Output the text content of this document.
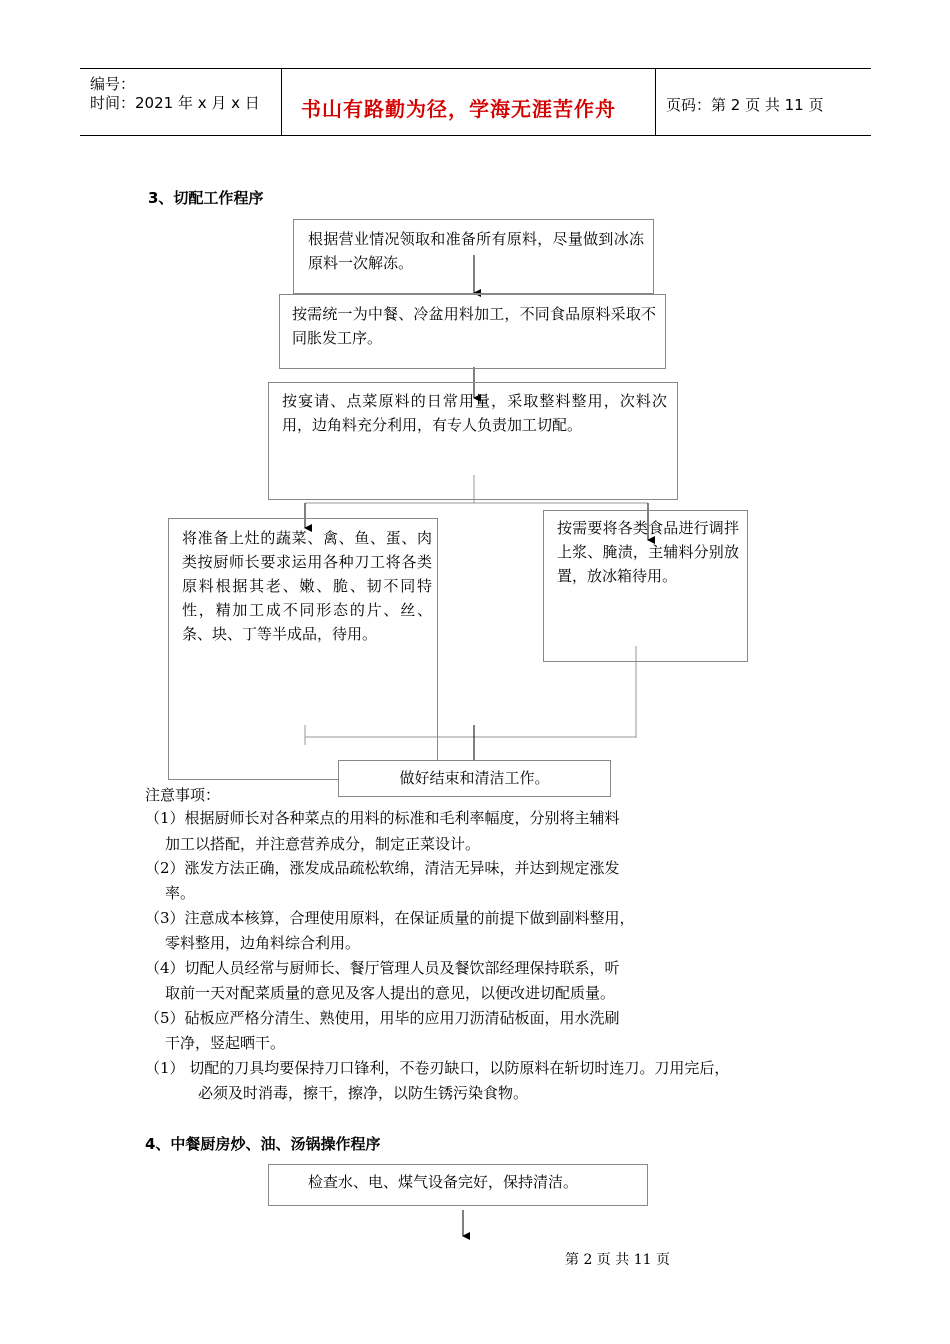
编号：
时间：2021 年 x 月 x 日 书山有路勤为径，学海无涯苦作舟	页码：第 2 页 共 11 页
3、切配工作程序
根据营业情况领取和准备所有原料，尽量做到冰冻原料一次解冻。
按需统一为中餐、冷盆用料加工，不同食品原料采取不同胀发工序。
按宴请、点菜原料的日常用量，采取整料整用，次料次用，边角料充分利用，有专人负责加工切配。
将准备上灶的蔬菜、禽、鱼、蛋、肉类按厨师长要求运用各种刀工将各类原料根据其老、嫩、脆、韧不同特性，精加工成不同形态的片、丝、条、块、丁等半成品，待用。
按需要将各类食品进行调拌上浆、腌渍，主辅料分别放置，放冰箱待用。
做好结束和清洁工作。
注意事项：
（1）根据厨师长对各种菜点的用料的标准和毛利率幅度，分别将主辅料
加工以搭配，并注意营养成分，制定正菜设计。
（2）涨发方法正确，涨发成品疏松软绵，清洁无异味，并达到规定涨发
率。
（3）注意成本核算，合理使用原料，在保证质量的前提下做到副料整用，
零料整用，边角料综合利用。
（4）切配人员经常与厨师长、餐厅管理人员及餐饮部经理保持联系，听
取前一天对配菜质量的意见及客人提出的意见，以便改进切配质量。
（5）砧板应严格分清生、熟使用，用毕的应用刀沥清砧板面，用水洗刷
干净，竖起晒干。
（1） 切配的刀具均要保持刀口锋利，不卷刃缺口，以防原料在斩切时连刀。刀用完后，
必须及时消毒，擦干，擦净，以防生锈污染食物。
4、中餐厨房炒、油、汤锅操作程序
检查水、电、煤气设备完好，保持清洁。
第 2 页 共 11 页
